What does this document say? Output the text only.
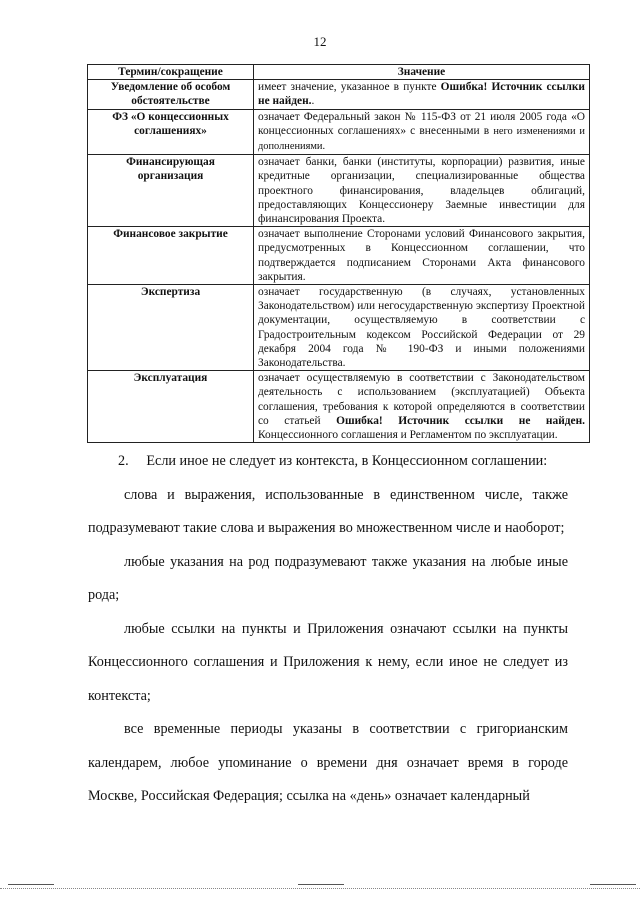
12
Термин/сокращение	Значение
Уведомление об особом обстоятельстве	имеет значение, указанное в пункте Ошибка! Источник ссылки не найден..
ФЗ «О концессионных соглашениях»	означает Федеральный закон № 115-ФЗ от 21 июля 2005 года «О концессионных соглашениях» с внесенными в него изменениями и дополнениями.
Финансирующая организация	означает банки, банки (институты, корпорации) развития, иные кредитные организации, специализированные общества проектного финансирования, владельцев облигаций, предоставляющих Концессионеру Заемные инвестиции для финансирования Проекта.
Финансовое закрытие	означает выполнение Сторонами условий Финансового закрытия, предусмотренных в Концессионном соглашении, что подтверждается подписанием Сторонами Акта финансового закрытия.
Экспертиза	означает государственную (в случаях, установленных Законодательством) или негосударственную экспертизу Проектной документации, осуществляемую в соответствии с Градостроительным кодексом Российской Федерации от 29 декабря 2004 года № 190-ФЗ и иными положениями Законодательства.
Эксплуатация	означает осуществляемую в соответствии с Законодательством деятельность с использованием (эксплуатацией) Объекта соглашения, требования к которой определяются в соответствии со статьей Ошибка! Источник ссылки не найден. Концессионного соглашения и Регламентом по эксплуатации.

2.     Если иное не следует из контекста, в Концессионном соглашении:

слова и выражения, использованные в единственном числе, также подразумевают такие слова и выражения во множественном числе и наоборот;

любые указания на род подразумевают также указания на любые иные рода;

любые ссылки на пункты и Приложения означают ссылки на пункты Концессионного соглашения и Приложения к нему, если иное не следует из контекста;

все временные периоды указаны в соответствии с григорианским календарем, любое упоминание о времени дня означает время в городе Москве, Российская Федерация; ссылка на «день» означает календарный
